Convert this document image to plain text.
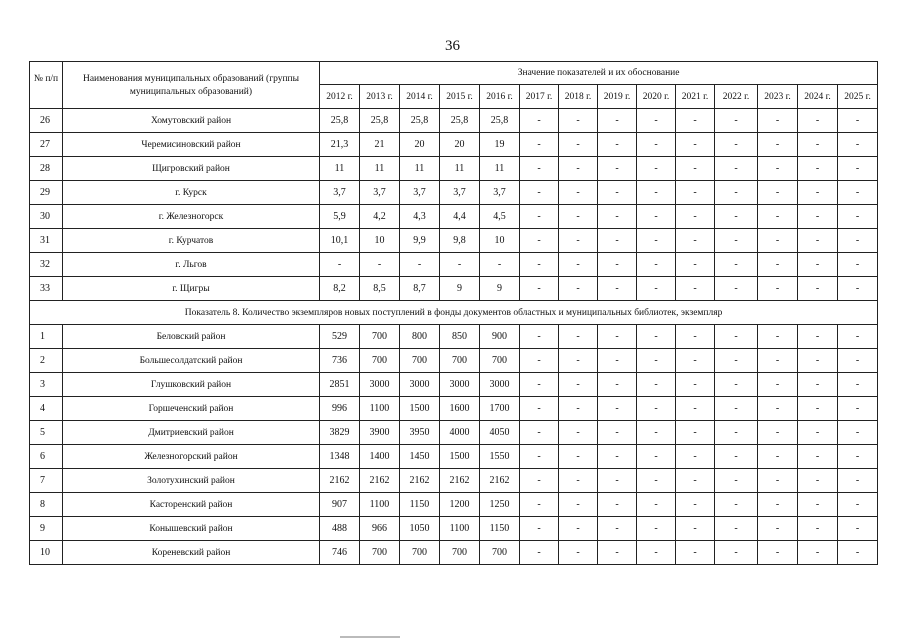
36
№ п/п	Наименования муниципальных образований (группы муниципальных образований)	Значение показателей и их обоснование													
		2012 г.	2013 г.	2014 г.	2015 г.	2016 г.	2017 г.	2018 г.	2019 г.	2020 г.	2021 г.	2022 г.	2023 г.	2024 г.	2025 г.
26	Хомутовский район	25,8	25,8	25,8	25,8	25,8	-	-	-	-	-	-	-	-	-
27	Черемисиновский район	21,3	21	20	20	19	-	-	-	-	-	-	-	-	-
28	Щигровский район	11	11	11	11	11	-	-	-	-	-	-	-	-	-
29	г. Курск	3,7	3,7	3,7	3,7	3,7	-	-	-	-	-	-	-	-	-
30	г. Железногорск	5,9	4,2	4,3	4,4	4,5	-	-	-	-	-	-	-	-	-
31	г. Курчатов	10,1	10	9,9	9,8	10	-	-	-	-	-	-	-	-	-
32	г. Льгов	-	-	-	-	-	-	-	-	-	-	-	-	-	-
33	г. Щигры	8,2	8,5	8,7	9	9	-	-	-	-	-	-	-	-	-
Показатель 8. Количество экземпляров новых поступлений в фонды документов областных и муниципальных библиотек, экземпляр															
1	Беловский район	529	700	800	850	900	-	-	-	-	-	-	-	-	-
2	Большесолдатский район	736	700	700	700	700	-	-	-	-	-	-	-	-	-
3	Глушковский район	2851	3000	3000	3000	3000	-	-	-	-	-	-	-	-	-
4	Горшеченский район	996	1100	1500	1600	1700	-	-	-	-	-	-	-	-	-
5	Дмитриевский район	3829	3900	3950	4000	4050	-	-	-	-	-	-	-	-	-
6	Железногорский район	1348	1400	1450	1500	1550	-	-	-	-	-	-	-	-	-
7	Золотухинский район	2162	2162	2162	2162	2162	-	-	-	-	-	-	-	-	-
8	Касторенский район	907	1100	1150	1200	1250	-	-	-	-	-	-	-	-	-
9	Конышевский район	488	966	1050	1100	1150	-	-	-	-	-	-	-	-	-
10	Кореневский район	746	700	700	700	700	-	-	-	-	-	-	-	-	-
